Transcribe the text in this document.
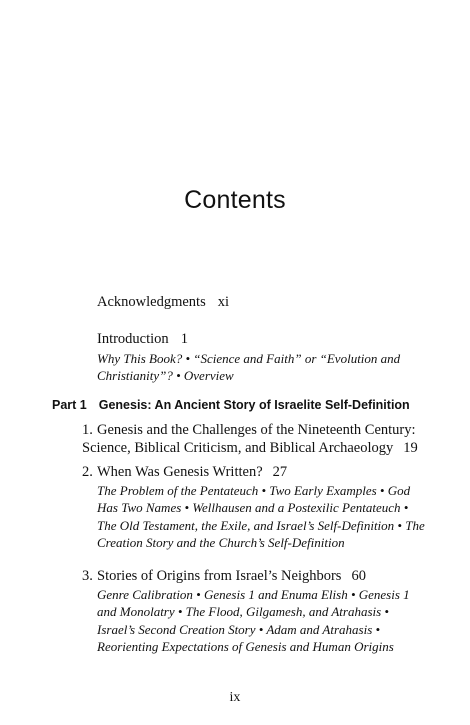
Contents
Acknowledgments xi
Introduction 1
Why This Book? • “Science and Faith” or “Evolution and Christianity”? • Overview
Part 1 Genesis: An Ancient Story of Israelite Self-Definition
1. Genesis and the Challenges of the Nineteenth Century: Science, Biblical Criticism, and Biblical Archaeology 19
2. When Was Genesis Written? 27
The Problem of the Pentateuch • Two Early Examples • God Has Two Names • Wellhausen and a Postexilic Pentateuch • The Old Testament, the Exile, and Israel’s Self-Definition • The Creation Story and the Church’s Self-Definition
3. Stories of Origins from Israel’s Neighbors 60
Genre Calibration • Genesis 1 and Enuma Elish • Genesis 1 and Monolatry • The Flood, Gilgamesh, and Atrahasis • Israel’s Second Creation Story • Adam and Atrahasis • Reorienting Expectations of Genesis and Human Origins
ix
